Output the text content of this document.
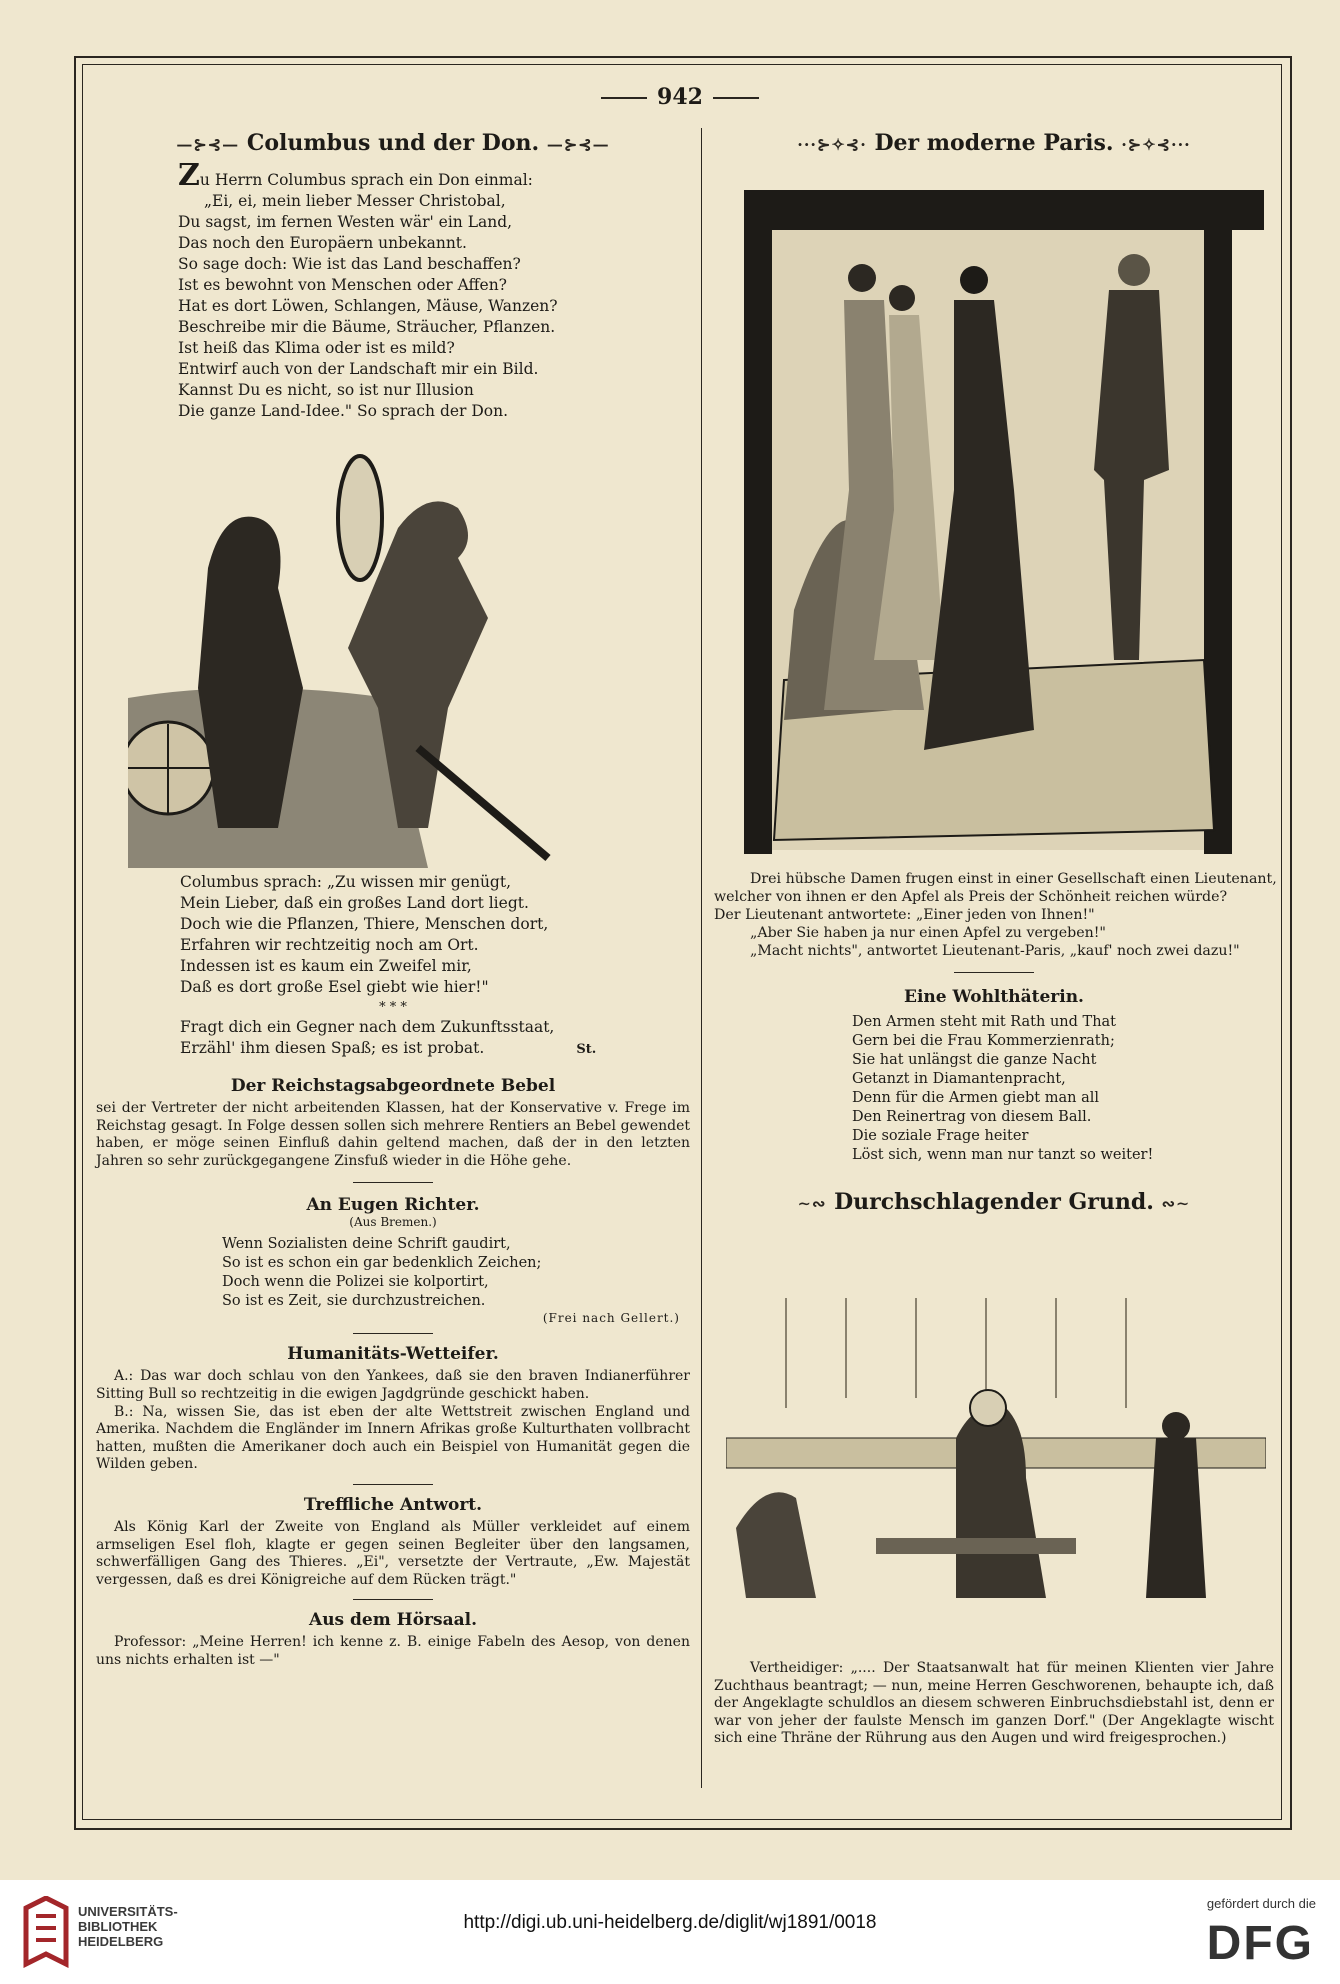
942
—⊱⊰— Columbus und der Don. —⊱⊰—
Zu Herrn Columbus sprach ein Don einmal:
„Ei, ei, mein lieber Messer Christobal,
Du sagst, im fernen Westen wär' ein Land,
Das noch den Europäern unbekannt.
So sage doch: Wie ist das Land beschaffen?
Ist es bewohnt von Menschen oder Affen?
Hat es dort Löwen, Schlangen, Mäuse, Wanzen?
Beschreibe mir die Bäume, Sträucher, Pflanzen.
Ist heiß das Klima oder ist es mild?
Entwirf auch von der Landschaft mir ein Bild.
Kannst Du es nicht, so ist nur Illusion
Die ganze Land-Idee." So sprach der Don.
Columbus sprach: „Zu wissen mir genügt,
Mein Lieber, daß ein großes Land dort liegt.
Doch wie die Pflanzen, Thiere, Menschen dort,
Erfahren wir rechtzeitig noch am Ort.
Indessen ist es kaum ein Zweifel mir,
Daß es dort große Esel giebt wie hier!"
* * *
Fragt dich ein Gegner nach dem Zukunftsstaat,
Erzähl' ihm diesen Spaß; es ist probat.	St.
Der Reichstagsabgeordnete Bebel
sei der Vertreter der nicht arbeitenden Klassen, hat der Konservative v. Frege im Reichstag gesagt. In Folge dessen sollen sich mehrere Rentiers an Bebel gewendet haben, er möge seinen Einfluß dahin geltend machen, daß der in den letzten Jahren so sehr zurückgegangene Zinsfuß wieder in die Höhe gehe.
An Eugen Richter.
(Aus Bremen.)
Wenn Sozialisten deine Schrift gaudirt,
So ist es schon ein gar bedenklich Zeichen;
Doch wenn die Polizei sie kolportirt,
So ist es Zeit, sie durchzustreichen.
(Frei nach Gellert.)
Humanitäts-Wetteifer.
A.: Das war doch schlau von den Yankees, daß sie den braven Indianerführer Sitting Bull so rechtzeitig in die ewigen Jagdgründe geschickt haben.
B.: Na, wissen Sie, das ist eben der alte Wettstreit zwischen England und Amerika. Nachdem die Engländer im Innern Afrikas große Kulturthaten vollbracht hatten, mußten die Amerikaner doch auch ein Beispiel von Humanität gegen die Wilden geben.
Treffliche Antwort.
Als König Karl der Zweite von England als Müller verkleidet auf einem armseligen Esel floh, klagte er gegen seinen Begleiter über den langsamen, schwerfälligen Gang des Thieres. „Ei", versetzte der Vertraute, „Ew. Majestät vergessen, daß es drei Königreiche auf dem Rücken trägt."
Aus dem Hörsaal.
Professor: „Meine Herren! ich kenne z. B. einige Fabeln des Aesop, von denen uns nichts erhalten ist —"
···⊱✧⊰· Der moderne Paris. ·⊱✧⊰···
Drei hübsche Damen frugen einst in einer Gesellschaft einen Lieutenant,
welcher von ihnen er den Apfel als Preis der Schönheit reichen würde?
Der Lieutenant antwortete: „Einer jeden von Ihnen!"
„Aber Sie haben ja nur einen Apfel zu vergeben!"
„Macht nichts", antwortet Lieutenant-Paris, „kauf' noch zwei dazu!"
Eine Wohlthäterin.
Den Armen steht mit Rath und That
Gern bei die Frau Kommerzienrath;
Sie hat unlängst die ganze Nacht
Getanzt in Diamantenpracht,
Denn für die Armen giebt man all
Den Reinertrag von diesem Ball.
Die soziale Frage heiter
Löst sich, wenn man nur tanzt so weiter!
∼∾ Durchschlagender Grund. ∾∼
Vertheidiger: „.... Der Staatsanwalt hat für meinen Klienten vier Jahre Zuchthaus beantragt; — nun, meine Herren Geschworenen, behaupte ich, daß der Angeklagte schuldlos an diesem schweren Einbruchsdiebstahl ist, denn er war von jeher der faulste Mensch im ganzen Dorf." (Der Angeklagte wischt sich eine Thräne der Rührung aus den Augen und wird freigesprochen.)
UNIVERSITÄTS-
BIBLIOTHEK
HEIDELBERG
http://digi.ub.uni-heidelberg.de/diglit/wj1891/0018
gefördert durch die
DFG
